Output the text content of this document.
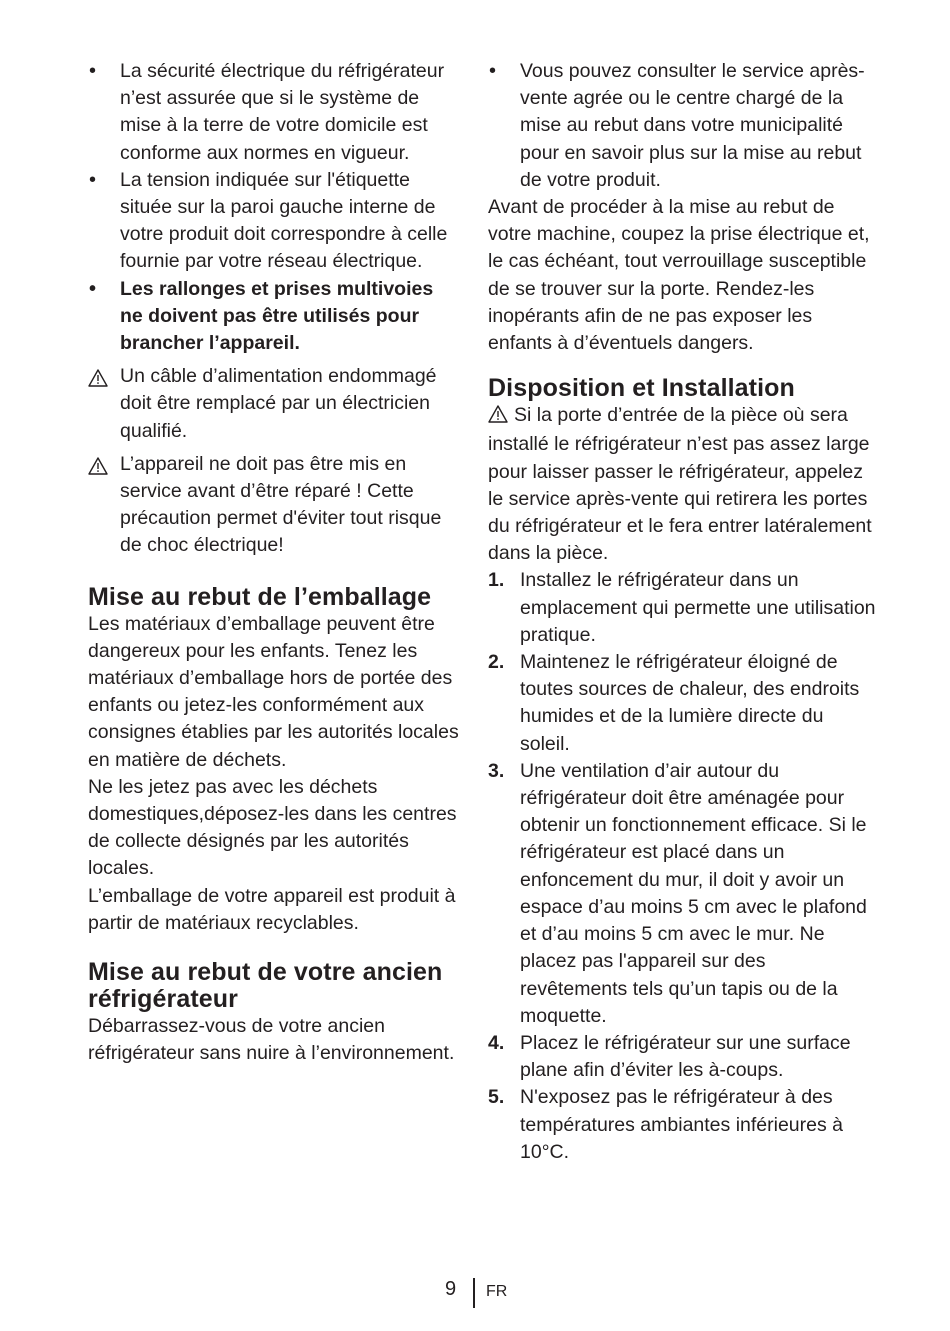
•	La sécurité électrique du réfrigérateur n’est assurée que si le système de mise à la terre de votre domicile est conforme aux normes en vigueur.
•	La tension indiquée sur l'étiquette située sur la paroi gauche interne de votre produit doit correspondre à celle fournie par votre réseau électrique.
•	Les rallonges et prises multivoies ne doivent pas être utilisés pour brancher l’appareil.
Un câble d’alimentation endommagé doit être remplacé par un électricien qualifié.
L’appareil ne doit pas être mis en service avant d’être réparé ! Cette précaution permet d'éviter tout risque de choc électrique!
Mise au rebut de l’emballage

Les matériaux d’emballage peuvent être dangereux pour les enfants. Tenez les matériaux d’emballage hors de portée des enfants ou jetez-les conformément aux consignes établies par les autorités locales en matière de déchets.

Ne les jetez pas avec les déchets domestiques,déposez-les dans les centres de collecte désignés par les autorités locales.

L’emballage de votre appareil est produit à partir de matériaux recyclables.

Mise au rebut de votre ancien réfrigérateur

Débarrassez-vous de votre ancien réfrigérateur sans nuire à l’environnement.

•	Vous pouvez consulter le service après-vente agrée ou le centre chargé de la mise au rebut dans votre municipalité pour en savoir plus sur la mise au rebut de votre produit.

Avant de procéder à la mise au rebut de votre machine, coupez la prise électrique et, le cas échéant, tout verrouillage susceptible de se trouver sur la porte. Rendez-les inopérants afin de ne pas exposer les enfants à d’éventuels dangers.

Disposition et Installation

Si la porte d’entrée de la pièce où sera installé le réfrigérateur n’est pas assez large pour laisser passer le réfrigérateur, appelez le service après-vente qui retirera les portes du réfrigérateur et le fera entrer latéralement dans la pièce.

1. Installez le réfrigérateur dans un emplacement qui permette une utilisation pratique.
2. Maintenez le réfrigérateur éloigné de toutes sources de chaleur, des endroits humides et de la lumière directe du soleil.
3. Une ventilation d’air autour du réfrigérateur doit être aménagée pour obtenir un fonctionnement efficace. Si le réfrigérateur est placé dans un enfoncement du mur, il doit y avoir un espace d’au moins 5 cm avec le plafond et d’au moins 5 cm avec le mur. Ne placez pas l'appareil sur des revêtements tels qu’un tapis ou de la moquette.
4. Placez le réfrigérateur sur une surface plane afin d’éviter les à-coups.
5. N'exposez pas le réfrigérateur à des températures ambiantes inférieures à 10°C.
9 FR
